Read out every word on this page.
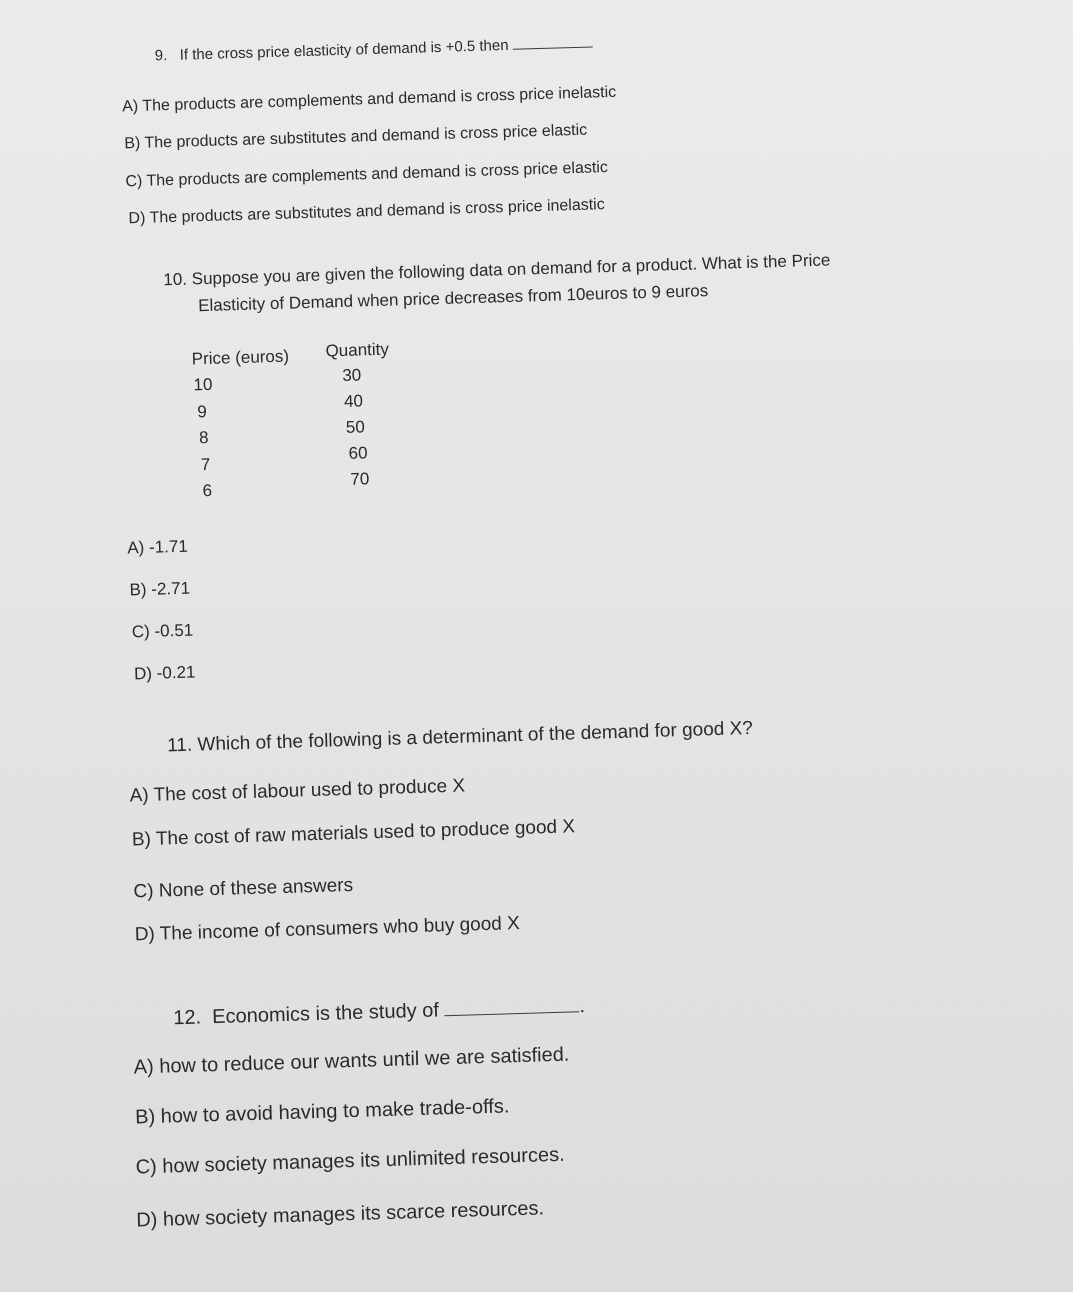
9. If the cross price elasticity of demand is +0.5 then
A) The products are complements and demand is cross price inelastic
B) The products are substitutes and demand is cross price elastic
C) The products are complements and demand is cross price elastic
D) The products are substitutes and demand is cross price inelastic
10. Suppose you are given the following data on demand for a product. What is the Price
Elasticity of Demand when price decreases from 10euros to 9 euros
Price (euros) Quantity
10	30
9
40
8
50
7
60
6
70
A) -1.71
B) -2.71
C) -0.51
D) -0.21
11. Which of the following is a determinant of the demand for good X?
A) The cost of labour used to produce X
B) The cost of raw materials used to produce good X
C) None of these answers
D) The income of consumers who buy good X
12. Economics is the study of	.
A) how to reduce our wants until we are satisfied.
B) how to avoid having to make trade-offs.
C) how society manages its unlimited resources.
D) how society manages its scarce resources.
